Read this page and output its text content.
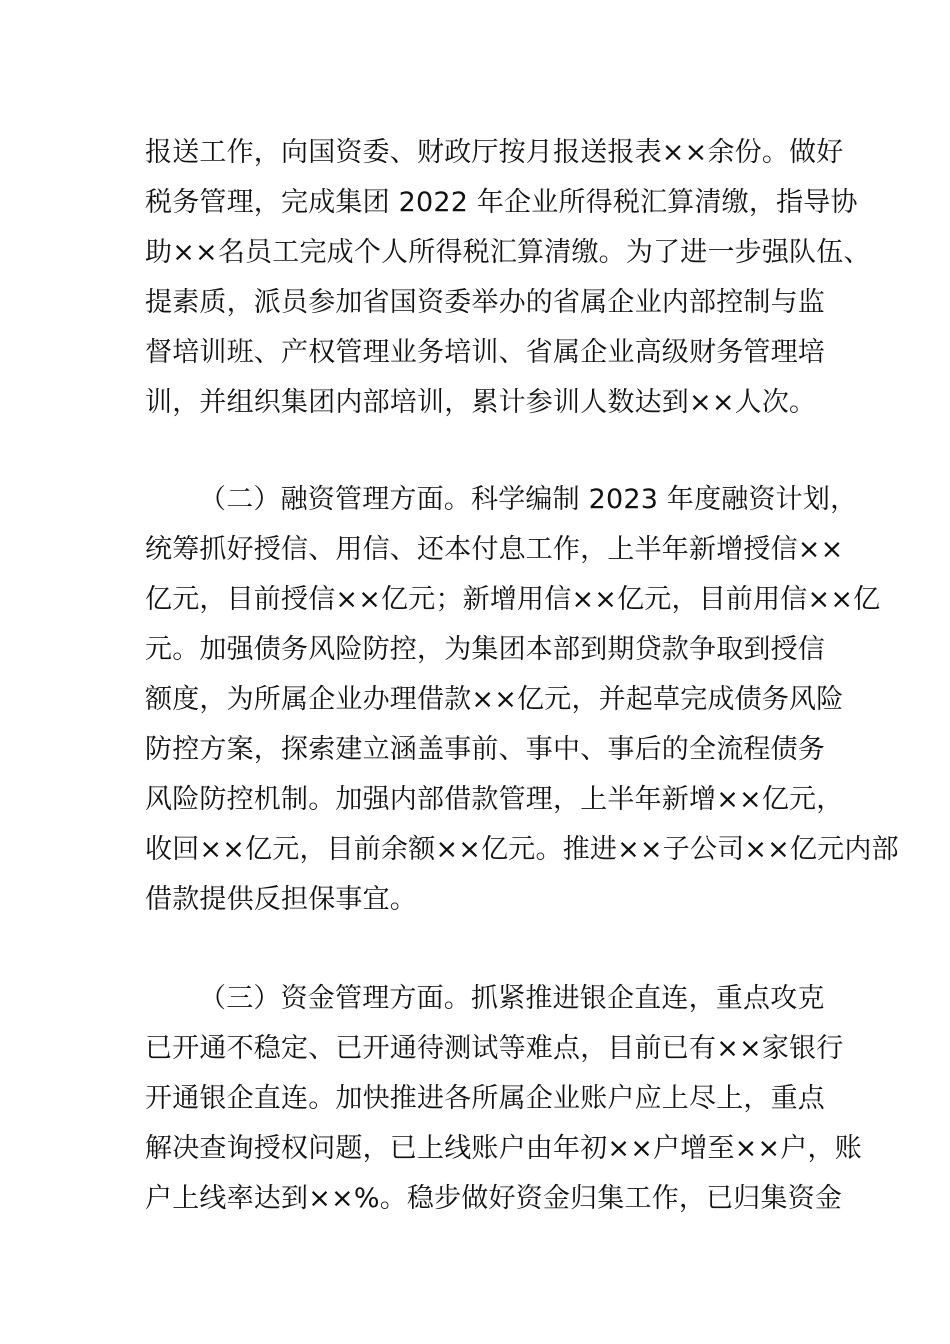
报送工作，向国资委、财政厅按月报送报表××余份。做好
税务管理，完成集团 2022 年企业所得税汇算清缴，指导协
助××名员工完成个人所得税汇算清缴。为了进一步强队伍、
提素质，派员参加省国资委举办的省属企业内部控制与监
督培训班、产权管理业务培训、省属企业高级财务管理培
训，并组织集团内部培训，累计参训人数达到××人次。
（二）融资管理方面。科学编制 2023 年度融资计划，
统筹抓好授信、用信、还本付息工作，上半年新增授信××
亿元，目前授信××亿元；新增用信××亿元，目前用信××亿
元。加强债务风险防控，为集团本部到期贷款争取到授信
额度，为所属企业办理借款××亿元，并起草完成债务风险
防控方案，探索建立涵盖事前、事中、事后的全流程债务
风险防控机制。加强内部借款管理，上半年新增××亿元，
收回××亿元，目前余额××亿元。推进××子公司××亿元内部
借款提供反担保事宜。
（三）资金管理方面。抓紧推进银企直连，重点攻克
已开通不稳定、已开通待测试等难点，目前已有××家银行
开通银企直连。加快推进各所属企业账户应上尽上，重点
解决查询授权问题，已上线账户由年初××户增至××户，账
户上线率达到××%。稳步做好资金归集工作，已归集资金
